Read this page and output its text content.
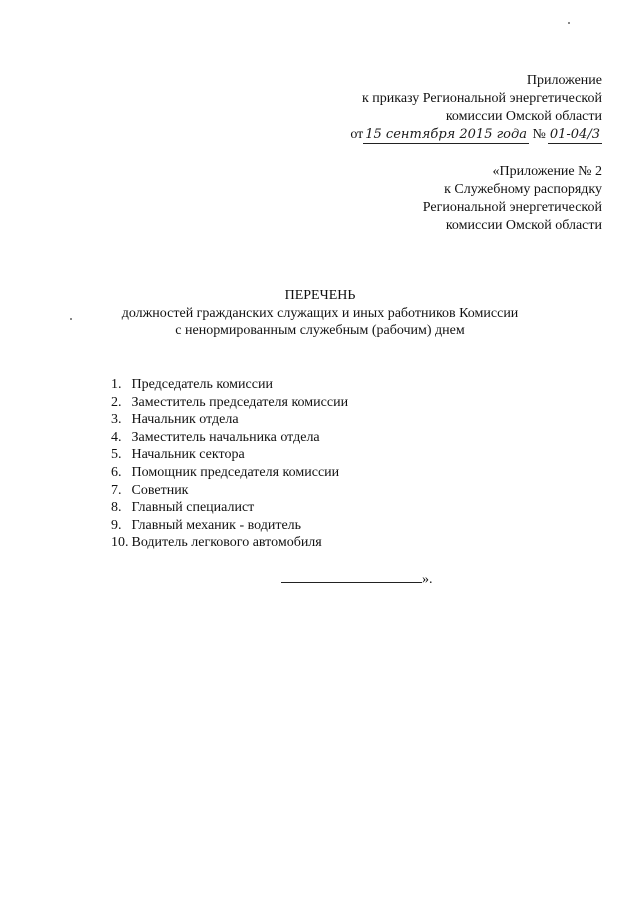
Приложение
к приказу Региональной энергетической
комиссии Омской области
от 15 сентября 2015 года № 01-04/3
«Приложение № 2
к Служебному распорядку
Региональной энергетической
комиссии Омской области
ПЕРЕЧЕНЬ
должностей гражданских служащих и иных работников Комиссии
с ненормированным служебным (рабочим) днем
1. Председатель комиссии
2. Заместитель председателя комиссии
3. Начальник отдела
4. Заместитель начальника отдела
5. Начальник сектора
6. Помощник председателя комиссии
7. Советник
8. Главный специалист
9. Главный механик - водитель
10. Водитель легкового автомобиля
».
